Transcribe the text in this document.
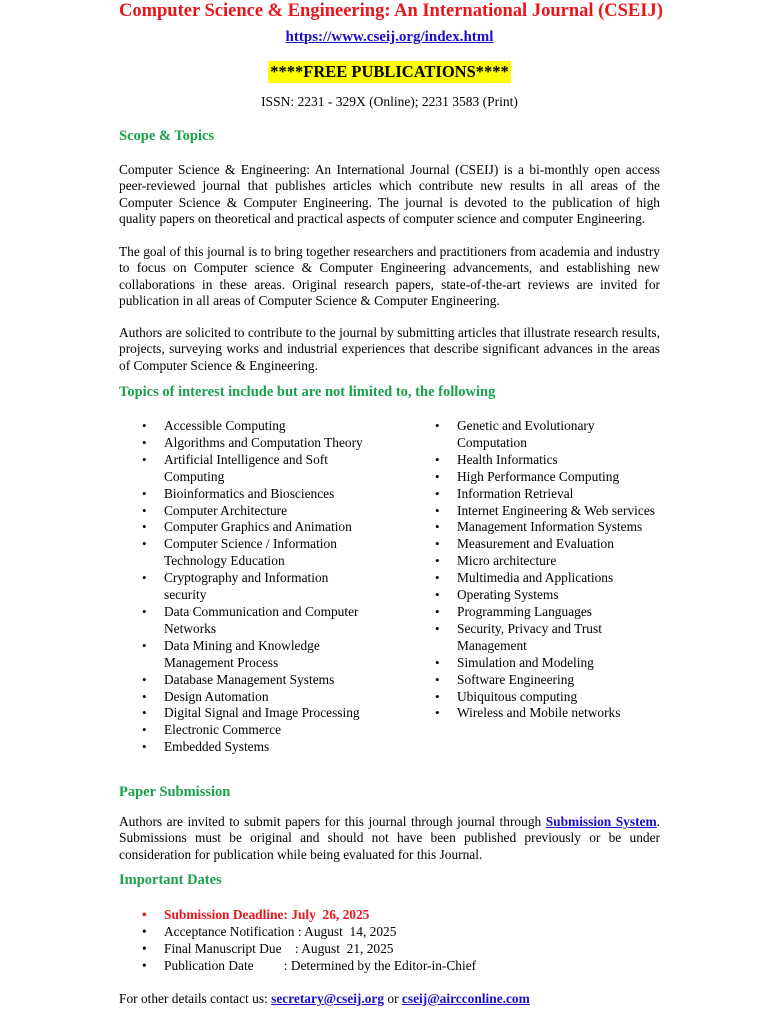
Computer Science & Engineering: An International Journal (CSEIJ)
https://www.cseij.org/index.html
****FREE PUBLICATIONS****
ISSN: 2231 - 329X (Online); 2231 3583 (Print)
Scope & Topics

Computer Science & Engineering: An International Journal (CSEIJ) is a bi-monthly open access peer-reviewed journal that publishes articles which contribute new results in all areas of the Computer Science & Computer Engineering. The journal is devoted to the publication of high quality papers on theoretical and practical aspects of computer science and computer Engineering.

The goal of this journal is to bring together researchers and practitioners from academia and industry to focus on Computer science & Computer Engineering advancements, and establishing new collaborations in these areas. Original research papers, state-of-the-art reviews are invited for publication in all areas of Computer Science & Computer Engineering.

Authors are solicited to contribute to the journal by submitting articles that illustrate research results, projects, surveying works and industrial experiences that describe significant advances in the areas of Computer Science & Engineering.

Topics of interest include but are not limited to, the following
• Accessible Computing
• Algorithms and Computation Theory
• Artificial Intelligence and Soft Computing
• Bioinformatics and Biosciences
• Computer Architecture
• Computer Graphics and Animation
• Computer Science / Information Technology Education
• Cryptography and Information security
• Data Communication and Computer Networks
• Data Mining and Knowledge Management Process
• Database Management Systems
• Design Automation
• Digital Signal and Image Processing
• Electronic Commerce
• Embedded Systems
• Genetic and Evolutionary Computation
• Health Informatics
• High Performance Computing
• Information Retrieval
• Internet Engineering & Web services
• Management Information Systems
• Measurement and Evaluation
• Micro architecture
• Multimedia and Applications
• Operating Systems
• Programming Languages
• Security, Privacy and Trust Management
• Simulation and Modeling
• Software Engineering
• Ubiquitous computing
• Wireless and Mobile networks
Paper Submission

Authors are invited to submit papers for this journal through journal through Submission System. Submissions must be original and should not have been published previously or be under consideration for publication while being evaluated for this Journal.

Important Dates
• Submission Deadline: July  26, 2025
• Acceptance Notification : August  14, 2025
• Final Manuscript Due    : August  21, 2025
• Publication Date         : Determined by the Editor-in-Chief
For other details contact us: secretary@cseij.org or cseij@aircconline.com
